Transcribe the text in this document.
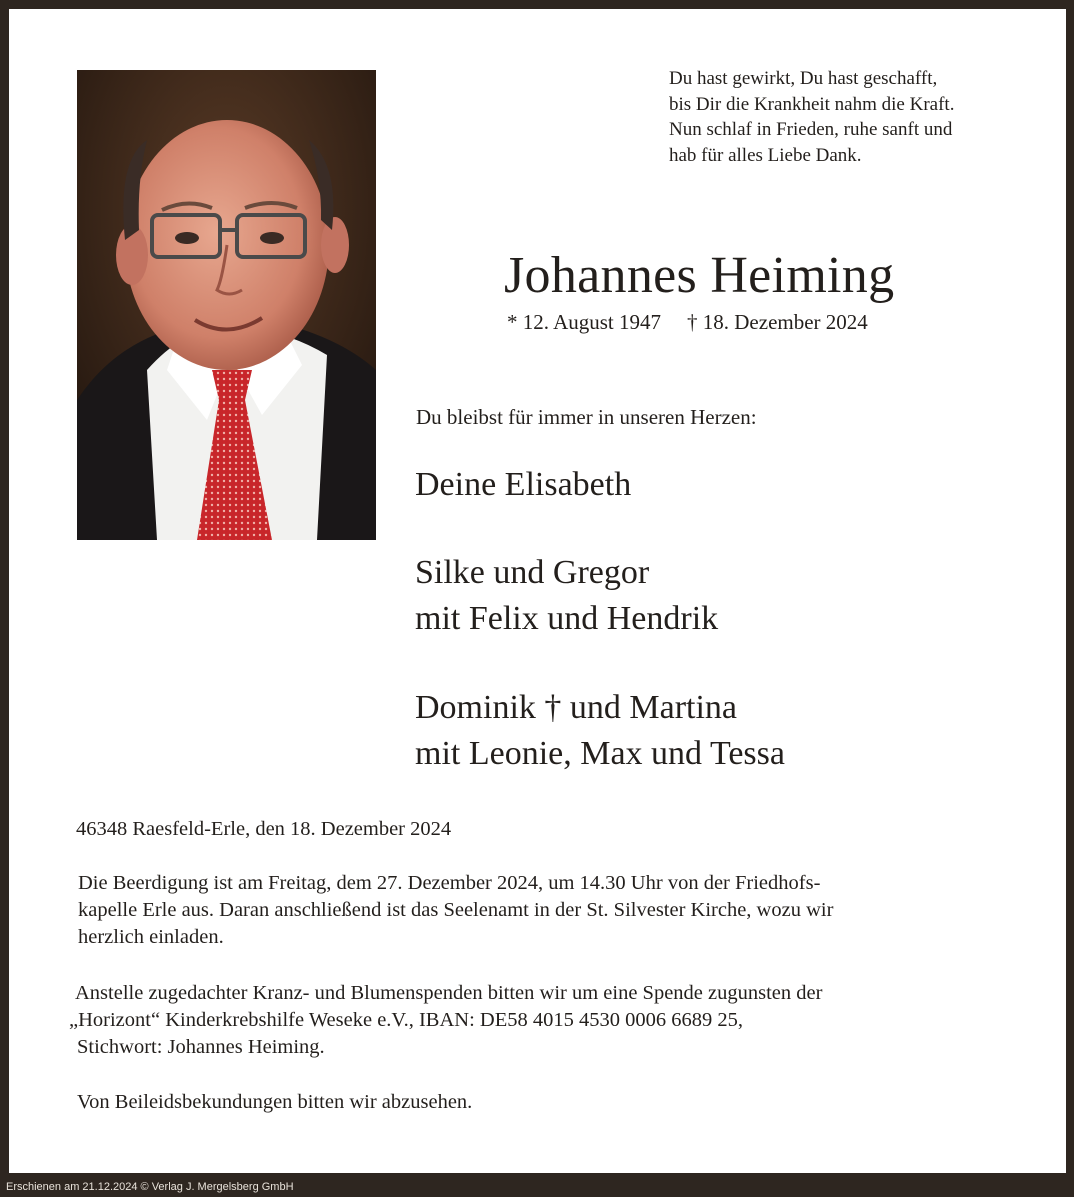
Du hast gewirkt, Du hast geschafft,
bis Dir die Krankheit nahm die Kraft.
Nun schlaf in Frieden, ruhe sanft und
hab für alles Liebe Dank.
Johannes Heiming
* 12. August 1947 † 18. Dezember 2024
Du bleibst für immer in unseren Herzen:
Deine Elisabeth
Silke und Gregor
mit Felix und Hendrik
Dominik † und Martina
mit Leonie, Max und Tessa
46348 Raesfeld-Erle, den 18. Dezember 2024
Die Beerdigung ist am Freitag, dem 27. Dezember 2024, um 14.30 Uhr von der Friedhofs-
kapelle Erle aus. Daran anschließend ist das Seelenamt in der St. Silvester Kirche, wozu wir
herzlich einladen.
Anstelle zugedachter Kranz- und Blumenspenden bitten wir um eine Spende zugunsten der
„Horizont“ Kinderkrebshilfe Weseke e.V., IBAN: DE58 4015 4530 0006 6689 25,
Stichwort: Johannes Heiming.
Von Beileidsbekundungen bitten wir abzusehen.
Erschienen am 21.12.2024 © Verlag J. Mergelsberg GmbH
